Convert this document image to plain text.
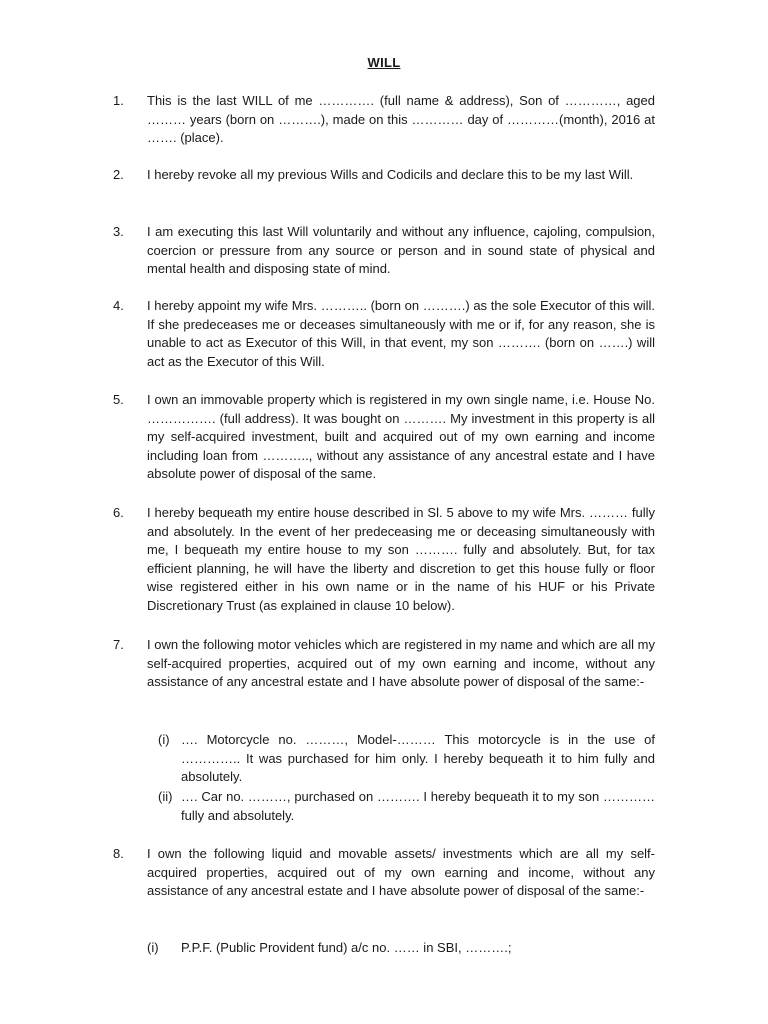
WILL
1. This is the last WILL of me …………. (full name & address), Son of …………, aged ……… years (born on ……….), made on this ………… day of …………(month), 2016 at ……. (place).
2. I hereby revoke all my previous Wills and Codicils and declare this to be my last Will.
3. I am executing this last Will voluntarily and without any influence, cajoling, compulsion, coercion or pressure from any source or person and in sound state of physical and mental health and disposing state of mind.
4. I hereby appoint my wife Mrs. ……….. (born on ……….) as the sole Executor of this will. If she predeceases me or deceases simultaneously with me or if, for any reason, she is unable to act as Executor of this Will, in that event, my son ………. (born on …….) will act as the Executor of this Will.
5. I own an immovable property which is registered in my own single name, i.e. House No. ……………. (full address). It was bought on ………. My investment in this property is all my self-acquired investment, built and acquired out of my own earning and income including loan from ……….., without any assistance of any ancestral estate and I have absolute power of disposal of the same.
6. I hereby bequeath my entire house described in Sl. 5 above to my wife Mrs. ……… fully and absolutely. In the event of her predeceasing me or deceasing simultaneously with me, I bequeath my entire house to my son ………. fully and absolutely. But, for tax efficient planning, he will have the liberty and discretion to get this house fully or floor wise registered either in his own name or in the name of his HUF or his Private Discretionary Trust (as explained in clause 10 below).
7. I own the following motor vehicles which are registered in my name and which are all my self-acquired properties, acquired out of my own earning and income, without any assistance of any ancestral estate and I have absolute power of disposal of the same:-
(i) …. Motorcycle no. ………, Model-……… This motorcycle is in the use of ………….. It was purchased for him only. I hereby bequeath it to him fully and absolutely.
(ii) …. Car no. ………, purchased on ………. I hereby bequeath it to my son ………… fully and absolutely.
8. I own the following liquid and movable assets/ investments which are all my self-acquired properties, acquired out of my own earning and income, without any assistance of any ancestral estate and I have absolute power of disposal of the same:-
(i) P.P.F. (Public Provident fund) a/c no. …… in SBI, ……….;
